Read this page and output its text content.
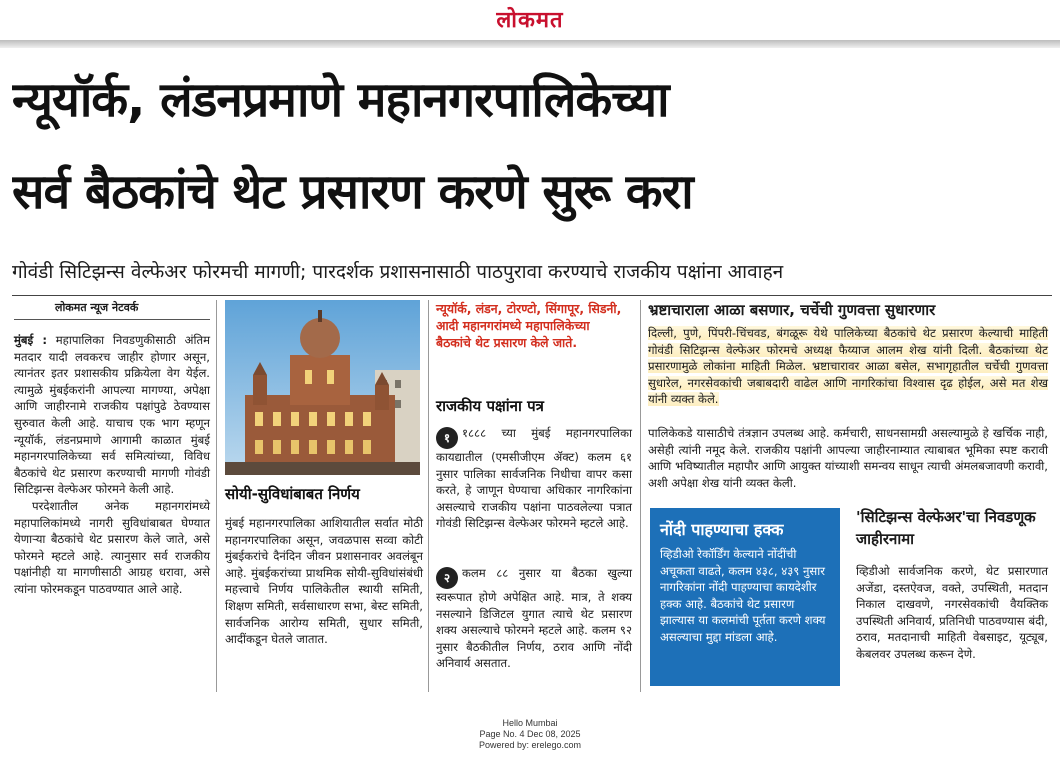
लोकमत
न्यूयॉर्क, लंडनप्रमाणे महानगरपालिकेच्या
सर्व बैठकांचे थेट प्रसारण करणे सुरू करा
गोवंडी सिटिझन्स वेल्फेअर फोरमची मागणी; पारदर्शक प्रशासनासाठी पाठपुरावा करण्याचे राजकीय पक्षांना आवाहन
लोकमत न्यूज नेटवर्क
मुंबई : महापालिका निवडणुकीसाठी अंतिम मतदार यादी लवकरच जाहीर होणार असून, त्यानंतर इतर प्रशासकीय प्रक्रियेला वेग येईल. त्यामुळे मुंबईकरांनी आपल्या मागण्या, अपेक्षा आणि जाहीरनामे राजकीय पक्षांपुढे ठेवण्यास सुरुवात केली आहे. याचाच एक भाग म्हणून न्यूयॉर्क, लंडनप्रमाणे आगामी काळात मुंबई महानगरपालिकेच्या सर्व समित्यांच्या, विविध बैठकांचे थेट प्रसारण करण्याची मागणी गोवंडी सिटिझन्स वेल्फेअर फोरमने केली आहे.
परदेशातील अनेक महानगरांमध्ये महापालिकांमध्ये नागरी सुविधांबाबत घेण्यात येणाऱ्या बैठकांचे थेट प्रसारण केले जाते, असे फोरमने म्हटले आहे. त्यानुसार सर्व राजकीय पक्षांनीही या मागणीसाठी आग्रह धरावा, असे त्यांना फोरमकडून पाठवण्यात आले आहे.
सोयी-सुविधांबाबत निर्णय
मुंबई महानगरपालिका आशियातील सर्वात मोठी महानगरपालिका असून, जवळपास सव्वा कोटी मुंबईकरांचे दैनंदिन जीवन प्रशासनावर अवलंबून आहे. मुंबईकरांच्या प्राथमिक सोयी-सुविधांसंबंधी महत्त्वाचे निर्णय पालिकेतील स्थायी समिती, शिक्षण समिती, सर्वसाधारण सभा, बेस्ट समिती, सार्वजनिक आरोग्य समिती, सुधार समिती, आदींकडून घेतले जातात.
न्यूयॉर्क, लंडन, टोरण्टो, सिंगापूर, सिडनी, आदी महानगरांमध्ये महापालिकेच्या बैठकांचे थेट प्रसारण केले जाते.
राजकीय पक्षांना पत्र
१ १८८८ च्या मुंबई महानगरपालिका कायद्यातील (एमसीजीएम ॲक्ट) कलम ६१ नुसार पालिका सार्वजनिक निधीचा वापर कसा करते, हे जाणून घेण्याचा अधिकार नागरिकांना असल्याचे राजकीय पक्षांना पाठवलेल्या पत्रात गोवंडी सिटिझन्स वेल्फेअर फोरमने म्हटले आहे.
२ कलम ८८ नुसार या बैठका खुल्या स्वरूपात होणे अपेक्षित आहे. मात्र, ते शक्य नसल्याने डिजिटल युगात त्याचे थेट प्रसारण शक्य असल्याचे फोरमने म्हटले आहे. कलम ९२ नुसार बैठकीतील निर्णय, ठराव आणि नोंदी अनिवार्य असतात.
भ्रष्टाचाराला आळा बसणार, चर्चेची गुणवत्ता सुधारणार
दिल्ली, पुणे, पिंपरी-चिंचवड, बंगळूरू येथे पालिकेच्या बैठकांचे थेट प्रसारण केल्याची माहिती गोवंडी सिटिझन्स वेल्फेअर फोरमचे अध्यक्ष फैय्याज आलम शेख यांनी दिली. बैठकांच्या थेट प्रसारणामुळे लोकांना माहिती मिळेल. भ्रष्टाचारावर आळा बसेल, सभागृहातील चर्चेची गुणवत्ता सुधारेल, नगरसेवकांची जबाबदारी वाढेल आणि नागरिकांचा विश्वास दृढ होईल, असे मत शेख यांनी व्यक्त केले.
पालिकेकडे यासाठीचे तंत्रज्ञान उपलब्ध आहे. कर्मचारी, साधनसामग्री असल्यामुळे हे खर्चिक नाही, असेही त्यांनी नमूद केले. राजकीय पक्षांनी आपल्या जाहीरनाम्यात त्याबाबत भूमिका स्पष्ट करावी आणि भविष्यातील महापौर आणि आयुक्त यांच्याशी समन्वय साधून त्याची अंमलबजावणी करावी, अशी अपेक्षा शेख यांनी व्यक्त केली.
नोंदी पाहण्याचा हक्क
व्हिडीओ रेकॉर्डिंग केल्याने नोंदींची अचूकता वाढते, कलम ४३८, ४३९ नुसार नागरिकांना नोंदी पाहण्याचा कायदेशीर हक्क आहे. बैठकांचे थेट प्रसारण झाल्यास या कलमांची पूर्तता करणे शक्य असल्याचा मुद्दा मांडला आहे.
'सिटिझन्स वेल्फेअर'चा निवडणूक जाहीरनामा
व्हिडीओ सार्वजनिक करणे, थेट प्रसारणात अजेंडा, दस्तऐवज, वक्ते, उपस्थिती, मतदान निकाल दाखवणे, नगरसेवकांची वैयक्तिक उपस्थिती अनिवार्य, प्रतिनिधी पाठवण्यास बंदी, ठराव, मतदानाची माहिती वेबसाइट, यूट्यूब, केबलवर उपलब्ध करून देणे.
Hello Mumbai
Page No. 4 Dec 08, 2025
Powered by: erelego.com
